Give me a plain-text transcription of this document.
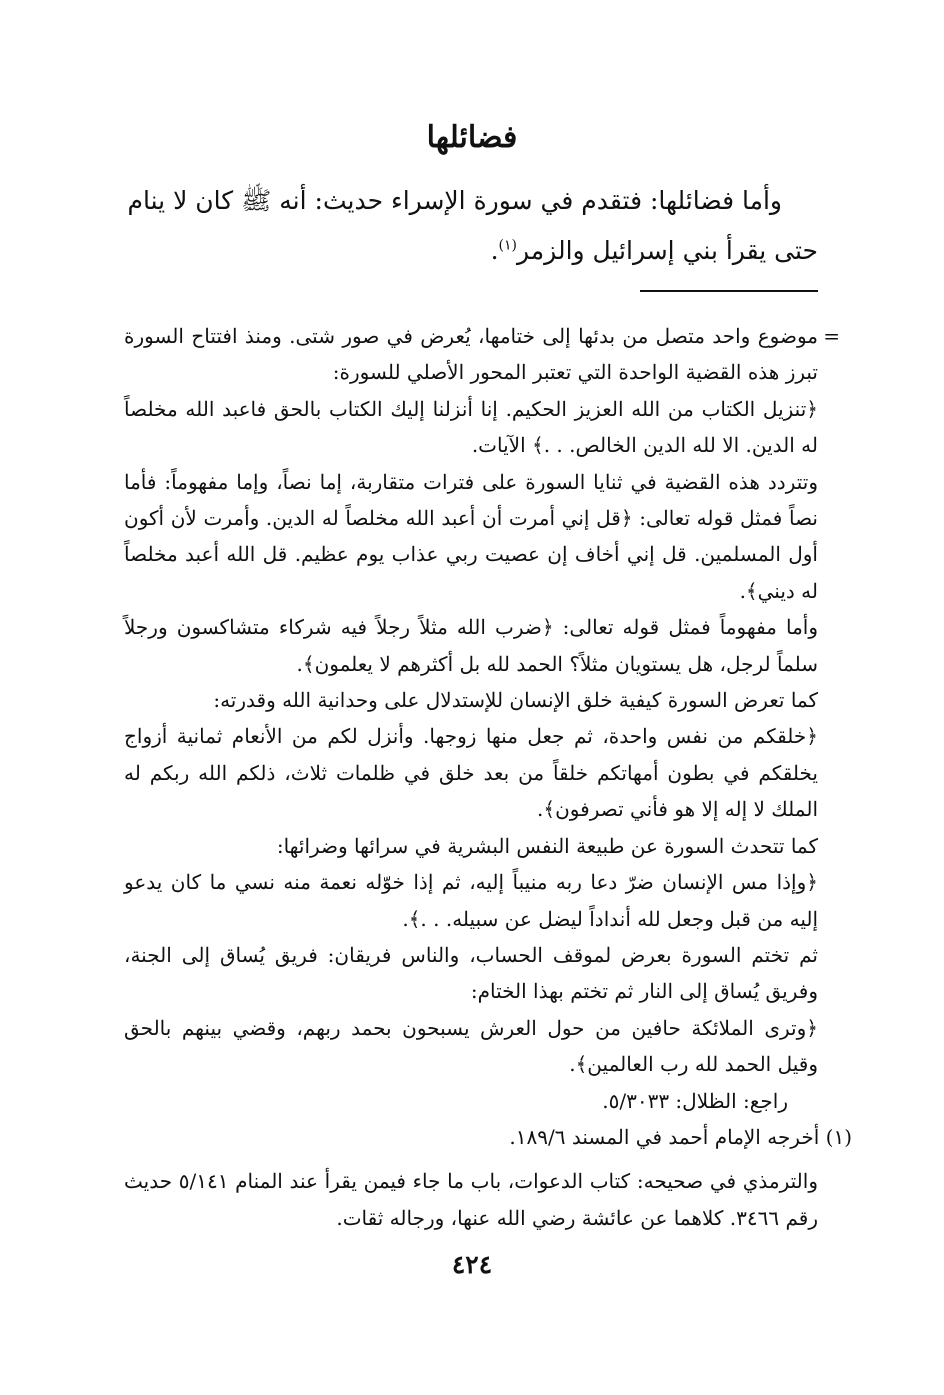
فضائلها

وأما فضائلها: فتقدم في سورة الإسراء حديث: أنه ﷺ كان لا ينام
حتى يقرأ بني إسرائيل والزمر$^{(١)}$.

=

موضوع واحد متصل من بدئها إلى ختامها، يُعرض في صور شتى. ومنذ افتتاح السورة تبرز هذه القضية الواحدة التي تعتبر المحور الأصلي للسورة:

﴿تنزيل الكتاب من الله العزيز الحكيم. إنا أنزلنا إليك الكتاب بالحق فاعبد الله مخلصاً له الدين. الا لله الدين الخالص. . .﴾ الآيات.

وتتردد هذه القضية في ثنايا السورة على فترات متقاربة، إما نصاً، وإما مفهوماً: فأما نصاً فمثل قوله تعالى: ﴿قل إني أمرت أن أعبد الله مخلصاً له الدين. وأمرت لأن أكون أول المسلمين. قل إني أخاف إن عصيت ربي عذاب يوم عظيم. قل الله أعبد مخلصاً له ديني﴾.

وأما مفهوماً فمثل قوله تعالى: ﴿ضرب الله مثلاً رجلاً فيه شركاء متشاكسون ورجلاً سلماً لرجل، هل يستويان مثلاً؟ الحمد لله بل أكثرهم لا يعلمون﴾.

كما تعرض السورة كيفية خلق الإنسان للإستدلال على وحدانية الله وقدرته:

﴿خلقكم من نفس واحدة، ثم جعل منها زوجها. وأنزل لكم من الأنعام ثمانية أزواج يخلقكم في بطون أمهاتكم خلقاً من بعد خلق في ظلمات ثلاث، ذلكم الله ربكم له الملك لا إله إلا هو فأني تصرفون﴾.

كما تتحدث السورة عن طبيعة النفس البشرية في سرائها وضرائها:

﴿وإذا مس الإنسان ضرّ دعا ربه منيباً إليه، ثم إذا خوّله نعمة منه نسي ما كان يدعو إليه من قبل وجعل لله أنداداً ليضل عن سبيله. . .﴾.

ثم تختم السورة بعرض لموقف الحساب، والناس فريقان: فريق يُساق إلى الجنة، وفريق يُساق إلى النار ثم تختم بهذا الختام:

﴿وترى الملائكة حافين من حول العرش يسبحون بحمد ربهم، وقضي بينهم بالحق وقيل الحمد لله رب العالمين﴾.

راجع: الظلال: ٥/٣٠٣٣.

(١) أخرجه الإمام أحمد في المسند ١٨٩/٦.

والترمذي في صحيحه: كتاب الدعوات، باب ما جاء فيمن يقرأ عند المنام ٥/١٤١ حديث رقم ٣٤٦٦. كلاهما عن عائشة رضي الله عنها، ورجاله ثقات.

٤٢٤
